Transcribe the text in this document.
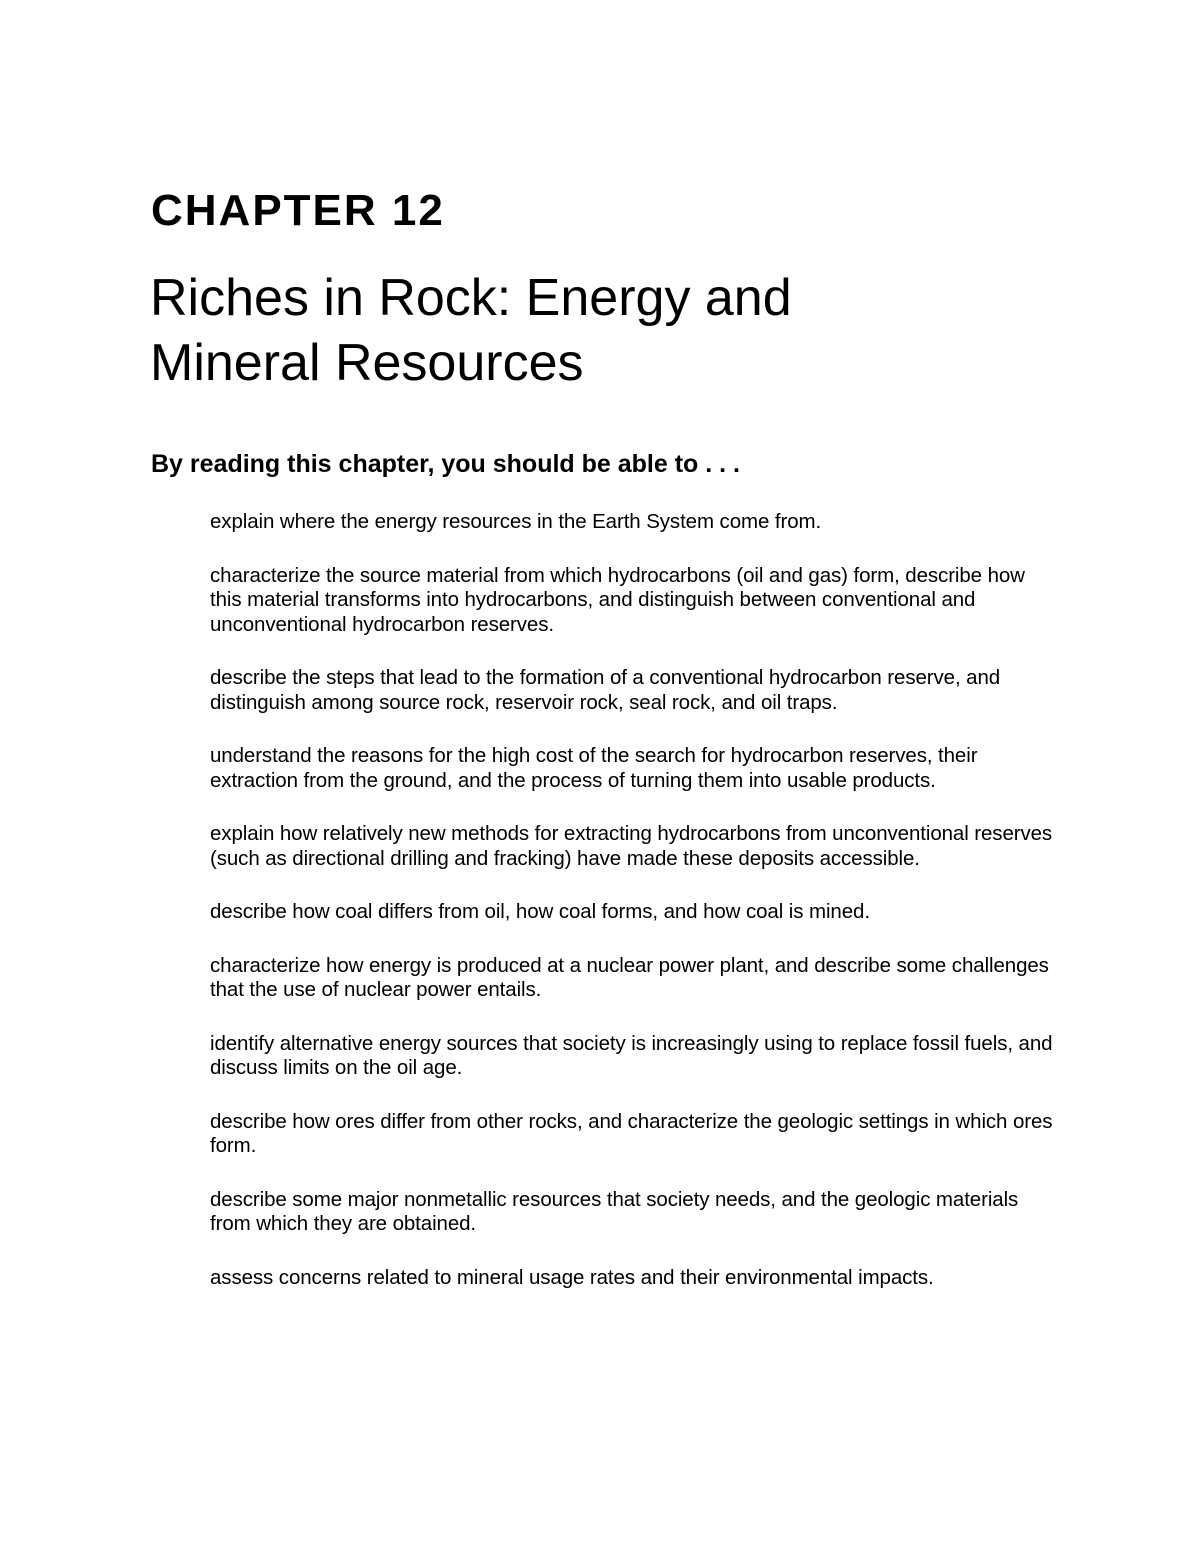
CHAPTER 12
Riches in Rock: Energy and
Mineral Resources

By reading this chapter, you should be able to . . .

explain where the energy resources in the Earth System come from.
characterize the source material from which hydrocarbons (oil and gas) form, describe how this material transforms into hydrocarbons, and distinguish between conventional and unconventional hydrocarbon reserves.
describe the steps that lead to the formation of a conventional hydrocarbon reserve, and distinguish among source rock, reservoir rock, seal rock, and oil traps.
understand the reasons for the high cost of the search for hydrocarbon reserves, their extraction from the ground, and the process of turning them into usable products.
explain how relatively new methods for extracting hydrocarbons from unconventional reserves (such as directional drilling and fracking) have made these deposits accessible.
describe how coal differs from oil, how coal forms, and how coal is mined.
characterize how energy is produced at a nuclear power plant, and describe some challenges that the use of nuclear power entails.
identify alternative energy sources that society is increasingly using to replace fossil fuels, and discuss limits on the oil age.
describe how ores differ from other rocks, and characterize the geologic settings in which ores form.
describe some major nonmetallic resources that society needs, and the geologic materials from which they are obtained.
assess concerns related to mineral usage rates and their environmental impacts.
